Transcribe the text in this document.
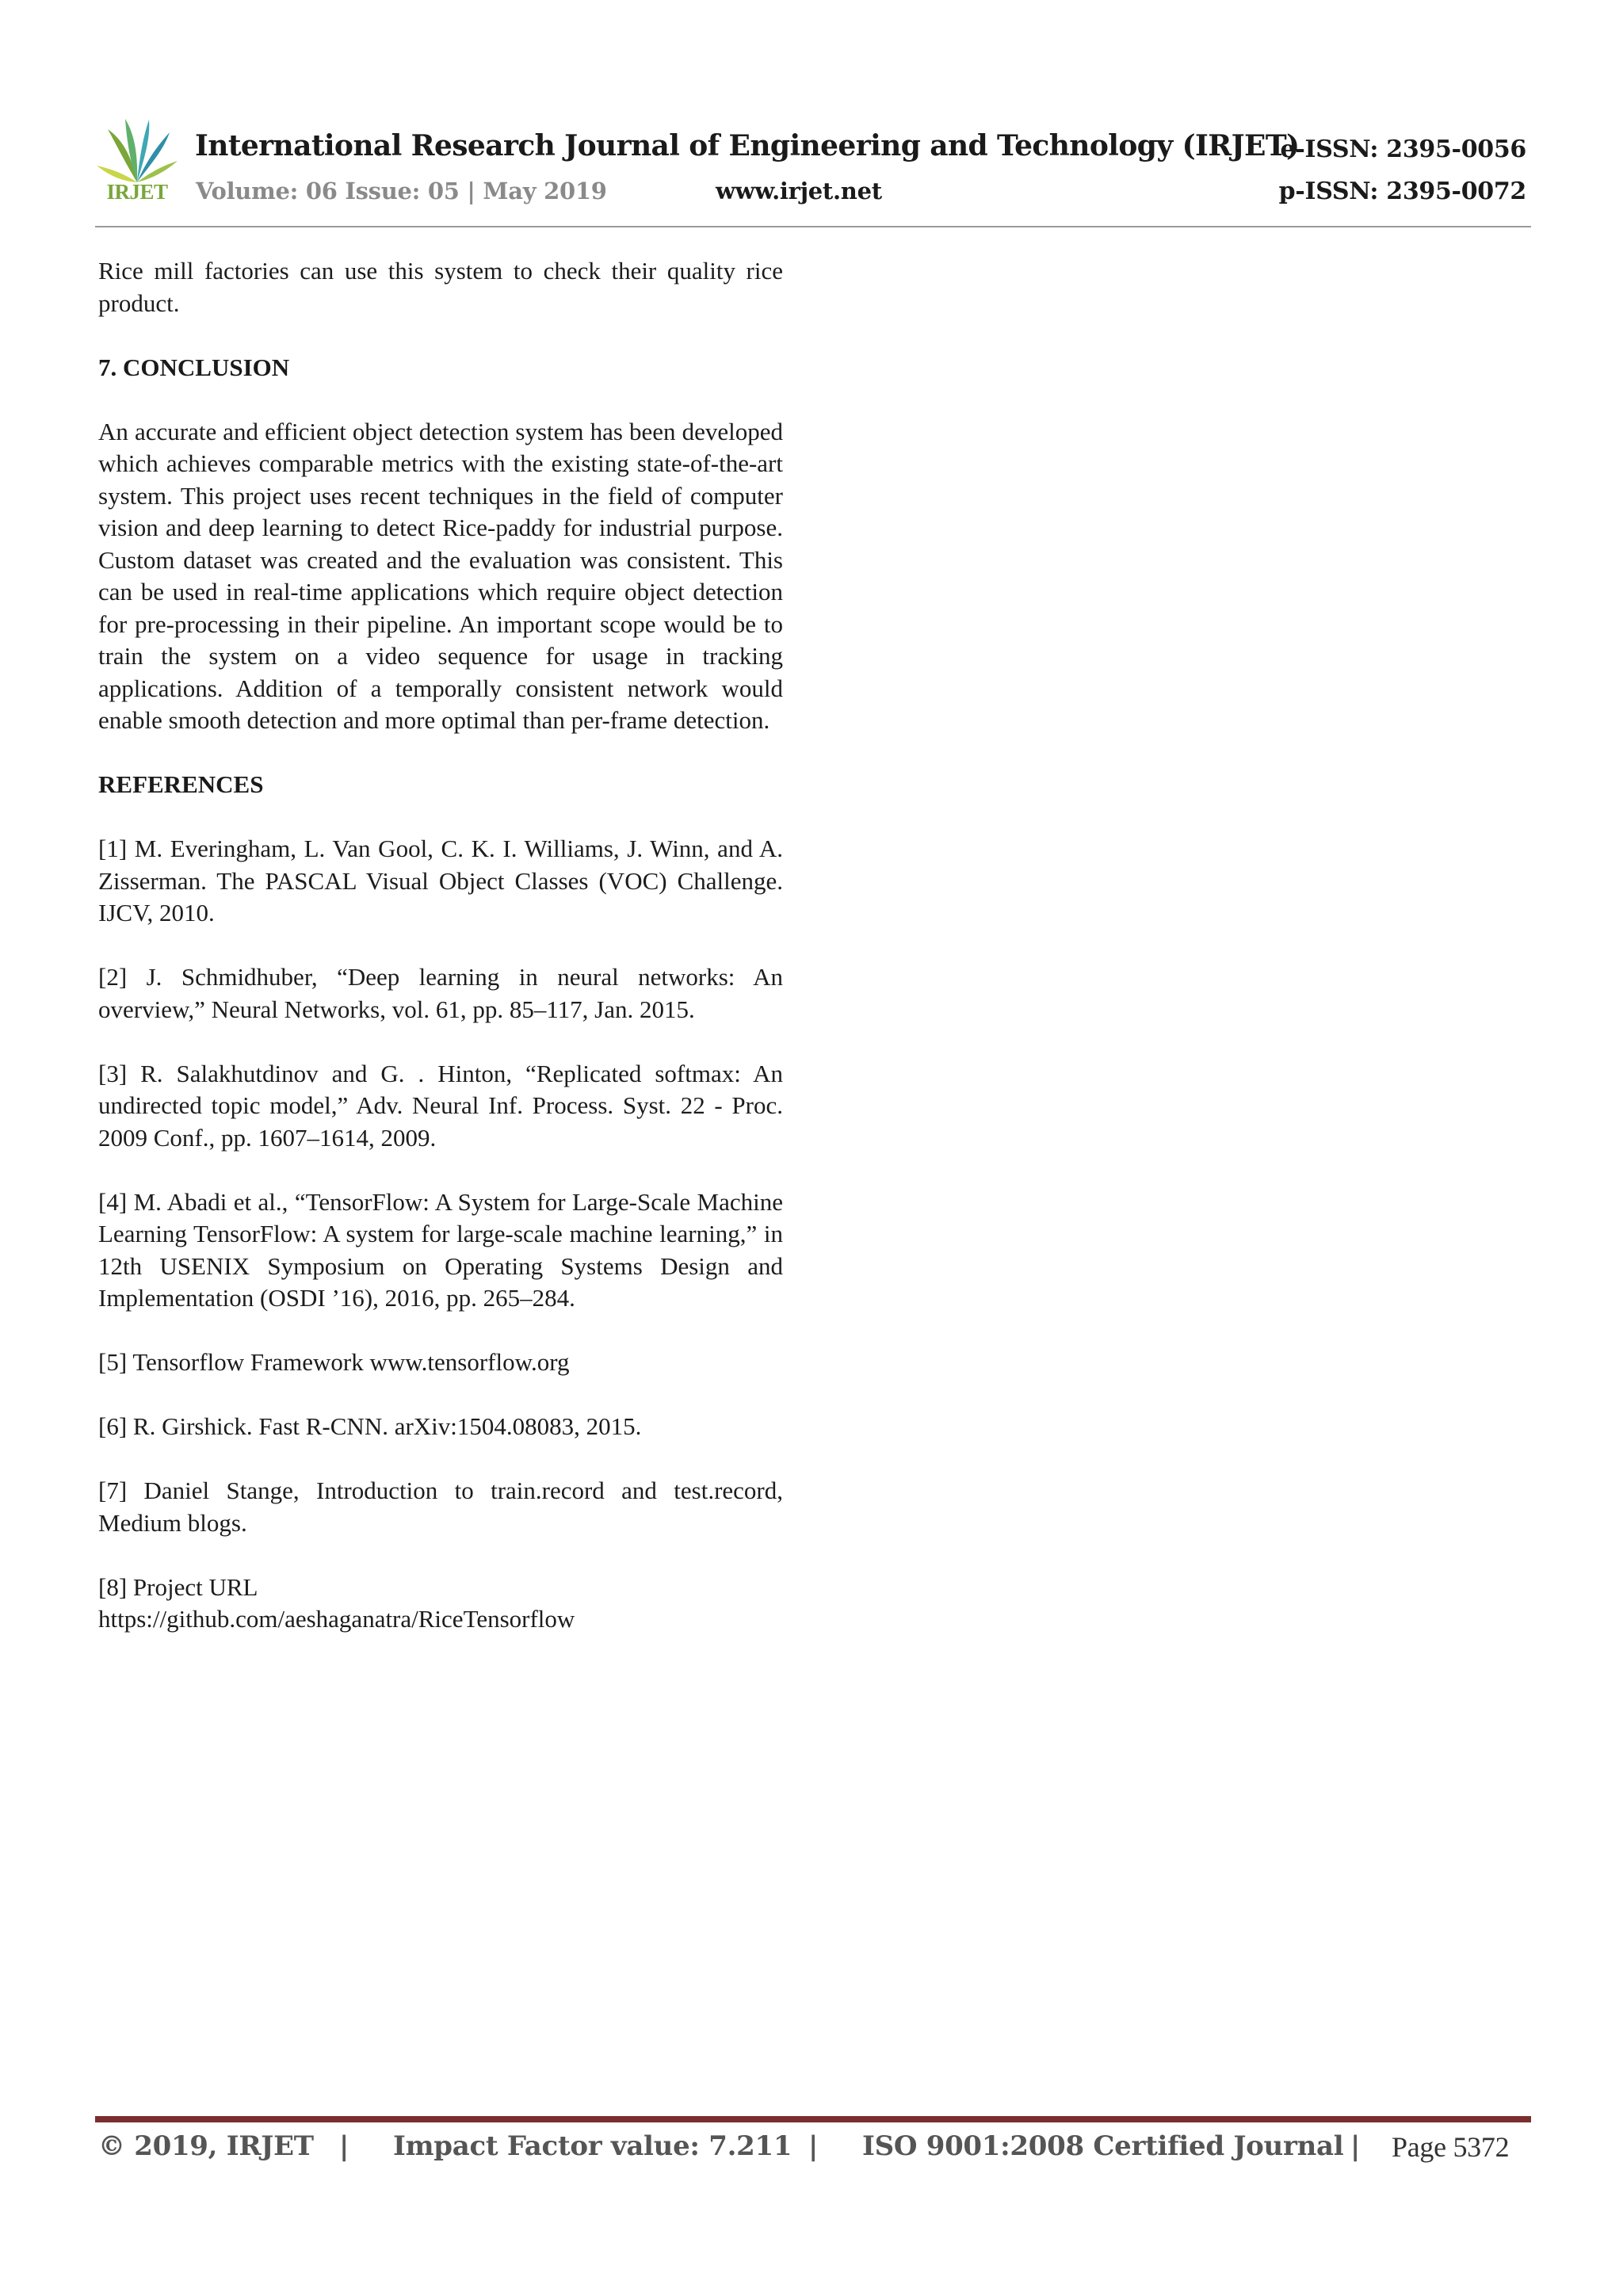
IRJET
International Research Journal of Engineering and Technology (IRJET)
e-ISSN: 2395-0056
Volume: 06 Issue: 05 | May 2019	www.irjet.net	p-ISSN: 2395-0072

Rice mill factories can use this system to check their quality rice product.

7. CONCLUSION

An accurate and efficient object detection system has been developed which achieves comparable metrics with the existing state-of-the-art system. This project uses recent techniques in the field of computer vision and deep learning to detect Rice-paddy for industrial purpose. Custom dataset was created and the evaluation was consistent. This can be used in real-time applications which require object detection for pre-processing in their pipeline. An important scope would be to train the system on a video sequence for usage in tracking applications. Addition of a temporally consistent network would enable smooth detection and more optimal than per-frame detection.

REFERENCES

[1] M. Everingham, L. Van Gool, C. K. I. Williams, J. Winn, and A. Zisserman. The PASCAL Visual Object Classes (VOC) Challenge. IJCV, 2010.

[2] J. Schmidhuber, “Deep learning in neural networks: An overview,” Neural Networks, vol. 61, pp. 85–117, Jan. 2015.

[3] R. Salakhutdinov and G. . Hinton, “Replicated softmax: An undirected topic model,” Adv. Neural Inf. Process. Syst. 22 - Proc. 2009 Conf., pp. 1607–1614, 2009.

[4] M. Abadi et al., “TensorFlow: A System for Large-Scale Machine Learning TensorFlow: A system for large-scale machine learning,” in 12th USENIX Symposium on Operating Systems Design and Implementation (OSDI ’16), 2016, pp. 265–284.

[5] Tensorflow Framework www.tensorflow.org

[6] R. Girshick. Fast R-CNN. arXiv:1504.08083, 2015.

[7] Daniel Stange, Introduction to train.record and test.record, Medium blogs.

[8] Project URL

https://github.com/aeshaganatra/RiceTensorflow

© 2019, IRJET | Impact Factor value: 7.211 | ISO 9001:2008 Certified Journal | Page 5372
